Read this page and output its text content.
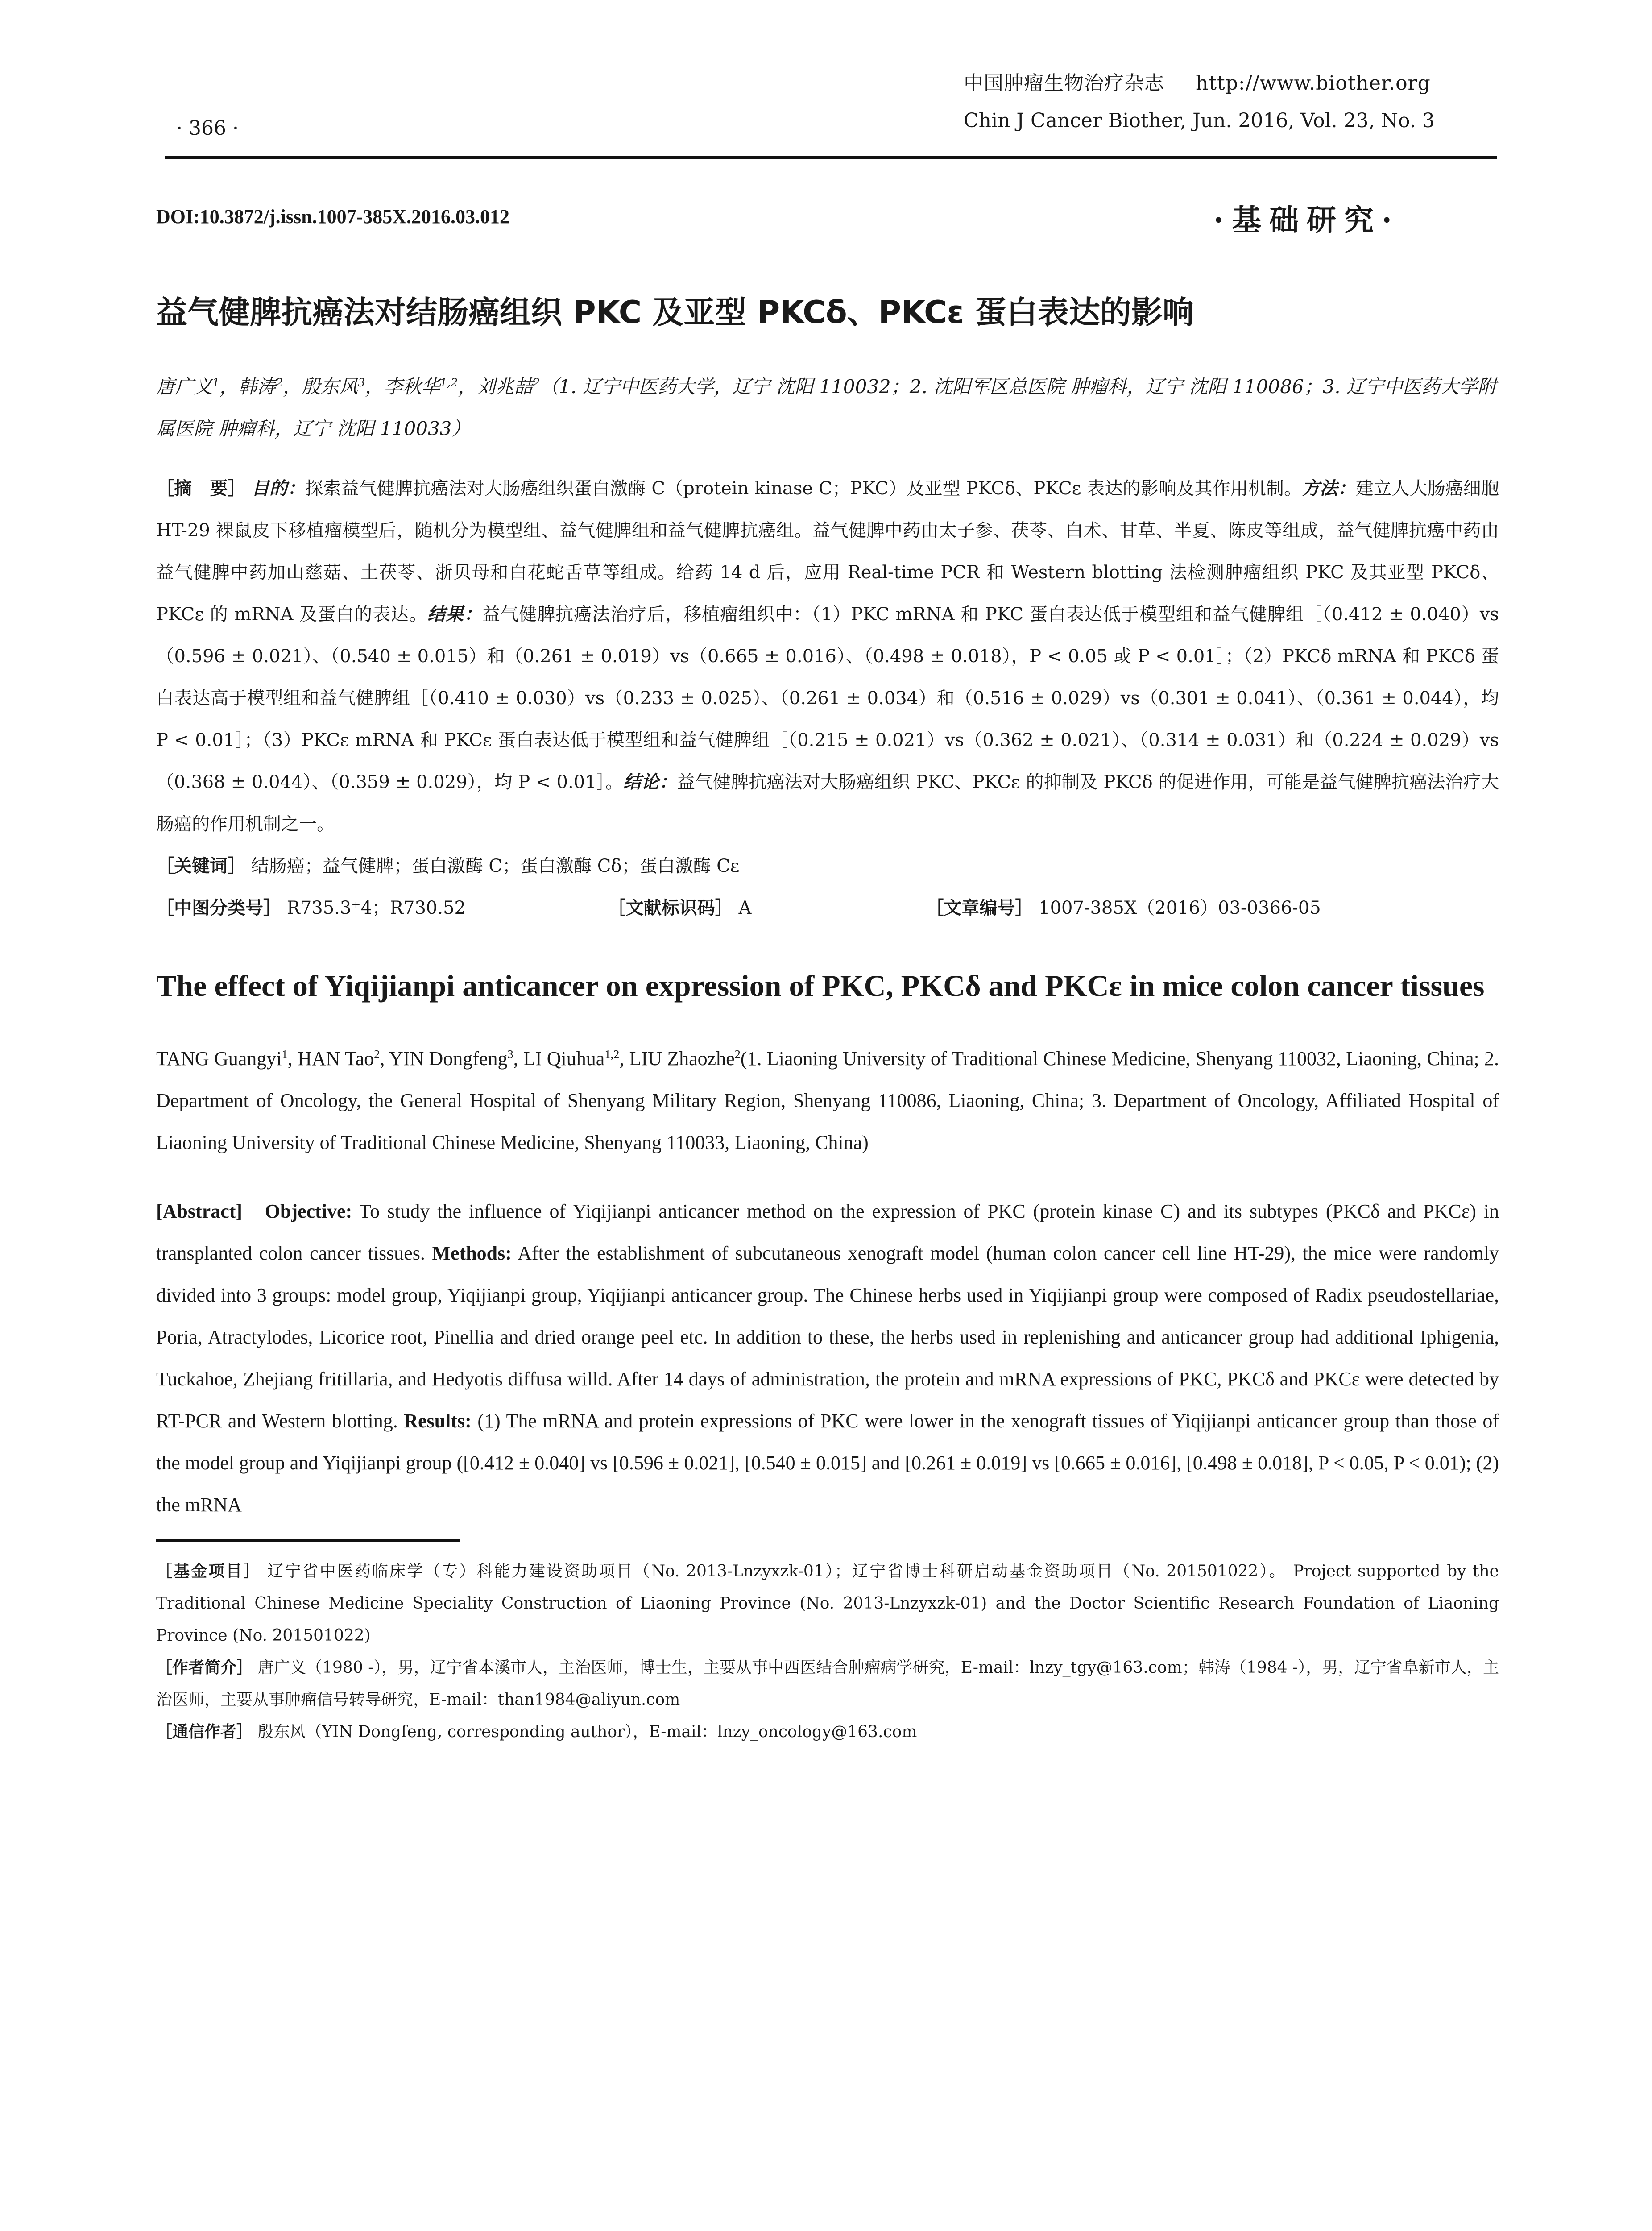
中国肿瘤生物治疗杂志 http://www.biother.org
Chin J Cancer Biother, Jun. 2016, Vol. 23, No. 3
· 366 ·
DOI:10.3872/j.issn.1007-385X.2016.03.012	·基础研究·
益气健脾抗癌法对结肠癌组织 PKC 及亚型 PKCδ、PKCε 蛋白表达的影响
唐广义$^1$，韩涛$^2$，殷东风$^3$，李秋华$^{1,2}$，刘兆喆$^2$（1. 辽宁中医药大学，辽宁 沈阳 110032；2. 沈阳军区总医院 肿瘤科，辽宁 沈阳 110086；3. 辽宁中医药大学附属医院 肿瘤科，辽宁 沈阳 110033）
［摘　要］ 目的：探索益气健脾抗癌法对大肠癌组织蛋白激酶 C（protein kinase C；PKC）及亚型 PKCδ、PKCε 表达的影响及其作用机制。方法：建立人大肠癌细胞 HT-29 裸鼠皮下移植瘤模型后，随机分为模型组、益气健脾组和益气健脾抗癌组。益气健脾中药由太子参、茯苓、白术、甘草、半夏、陈皮等组成，益气健脾抗癌中药由益气健脾中药加山慈菇、土茯苓、浙贝母和白花蛇舌草等组成。给药 14 d 后，应用 Real-time PCR 和 Western blotting 法检测肿瘤组织 PKC 及其亚型 PKCδ、PKCε 的 mRNA 及蛋白的表达。结果：益气健脾抗癌法治疗后，移植瘤组织中：（1）PKC mRNA 和 PKC 蛋白表达低于模型组和益气健脾组［（0.412 ± 0.040）vs（0.596 ± 0.021）、（0.540 ± 0.015）和（0.261 ± 0.019）vs（0.665 ± 0.016）、（0.498 ± 0.018），P < 0.05 或 P < 0.01］；（2）PKCδ mRNA 和 PKCδ 蛋白表达高于模型组和益气健脾组［（0.410 ± 0.030）vs（0.233 ± 0.025）、（0.261 ± 0.034）和（0.516 ± 0.029）vs（0.301 ± 0.041）、（0.361 ± 0.044），均 P < 0.01］；（3）PKCε mRNA 和 PKCε 蛋白表达低于模型组和益气健脾组［（0.215 ± 0.021）vs（0.362 ± 0.021）、（0.314 ± 0.031）和（0.224 ± 0.029）vs（0.368 ± 0.044）、（0.359 ± 0.029），均 P < 0.01］。结论：益气健脾抗癌法对大肠癌组织 PKC、PKCε 的抑制及 PKCδ 的促进作用，可能是益气健脾抗癌法治疗大肠癌的作用机制之一。
［关键词］ 结肠癌；益气健脾；蛋白激酶 C；蛋白激酶 Cδ；蛋白激酶 Cε
［中图分类号］ R735.3⁺4；R730.52	［文献标识码］ A	［文章编号］ 1007-385X（2016）03-0366-05
The effect of Yiqijianpi anticancer on expression of PKC, PKCδ and PKCε in mice colon cancer tissues
TANG Guangyi$^1$, HAN Tao$^2$, YIN Dongfeng$^3$, LI Qiuhua$^{1,2}$, LIU Zhaozhe$^2$(1. Liaoning University of Traditional Chinese Medicine, Shenyang 110032, Liaoning, China; 2. Department of Oncology, the General Hospital of Shenyang Military Region, Shenyang 110086, Liaoning, China; 3. Department of Oncology, Affiliated Hospital of Liaoning University of Traditional Chinese Medicine, Shenyang 110033, Liaoning, China)
[Abstract] Objective: To study the influence of Yiqijianpi anticancer method on the expression of PKC (protein kinase C) and its subtypes (PKCδ and PKCε) in transplanted colon cancer tissues. Methods: After the establishment of subcutaneous xenograft model (human colon cancer cell line HT-29), the mice were randomly divided into 3 groups: model group, Yiqijianpi group, Yiqijianpi anticancer group. The Chinese herbs used in Yiqijianpi group were composed of Radix pseudostellariae, Poria, Atractylodes, Licorice root, Pinellia and dried orange peel etc. In addition to these, the herbs used in replenishing and anticancer group had additional Iphigenia, Tuckahoe, Zhejiang fritillaria, and Hedyotis diffusa willd. After 14 days of administration, the protein and mRNA expressions of PKC, PKCδ and PKCε were detected by RT-PCR and Western blotting. Results: (1) The mRNA and protein expressions of PKC were lower in the xenograft tissues of Yiqijianpi anticancer group than those of the model group and Yiqijianpi group ([0.412 ± 0.040] vs [0.596 ± 0.021], [0.540 ± 0.015] and [0.261 ± 0.019] vs [0.665 ± 0.016], [0.498 ± 0.018], P < 0.05, P < 0.01); (2) the mRNA
［基金项目］ 辽宁省中医药临床学（专）科能力建设资助项目（No. 2013-Lnzyxzk-01）；辽宁省博士科研启动基金资助项目（No. 201501022）。 Project supported by the Traditional Chinese Medicine Speciality Construction of Liaoning Province (No. 2013-Lnzyxzk-01) and the Doctor Scientific Research Foundation of Liaoning Province (No. 201501022)
［作者简介］ 唐广义（1980 -），男，辽宁省本溪市人，主治医师，博士生，主要从事中西医结合肿瘤病学研究，E-mail：lnzy_tgy@163.com；韩涛（1984 -），男，辽宁省阜新市人，主治医师，主要从事肿瘤信号转导研究，E-mail：than1984@aliyun.com
［通信作者］ 殷东风（YIN Dongfeng, corresponding author），E-mail：lnzy_oncology@163.com
